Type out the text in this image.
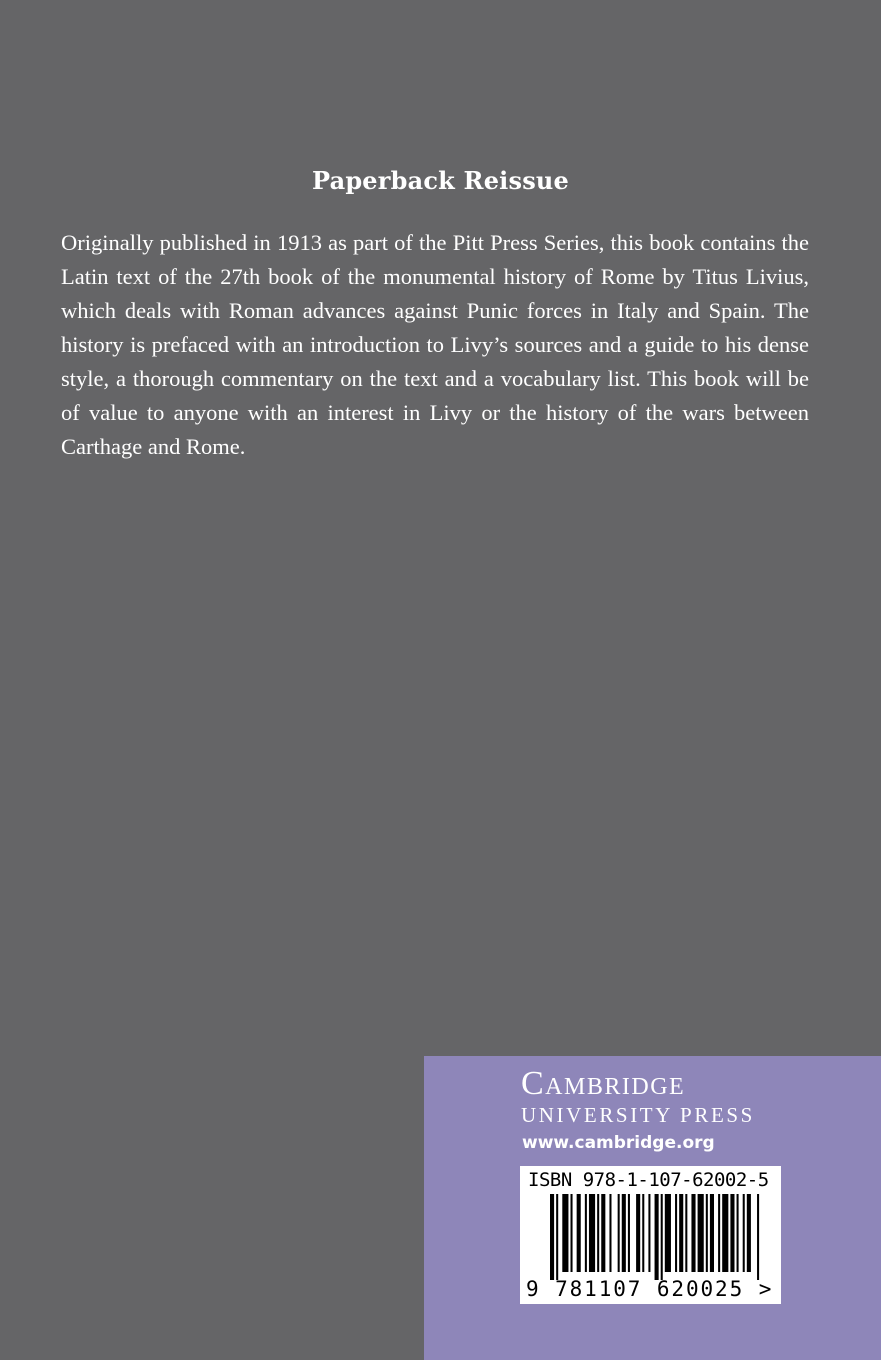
Paperback Reissue

Originally published in 1913 as part of the Pitt Press Series, this book contains the Latin text of the 27th book of the monumental history of Rome by Titus Livius, which deals with Roman advances against Punic forces in Italy and Spain. The history is prefaced with an introduction to Livy’s sources and a guide to his dense style, a thorough commentary on the text and a vocabulary list. This book will be of value to anyone with an interest in Livy or the history of the wars between Carthage and Rome.

Cambridge
UNIVERSITY PRESS
www.cambridge.org
ISBN 978-1-107-62002-5
9 781107 620025 >
